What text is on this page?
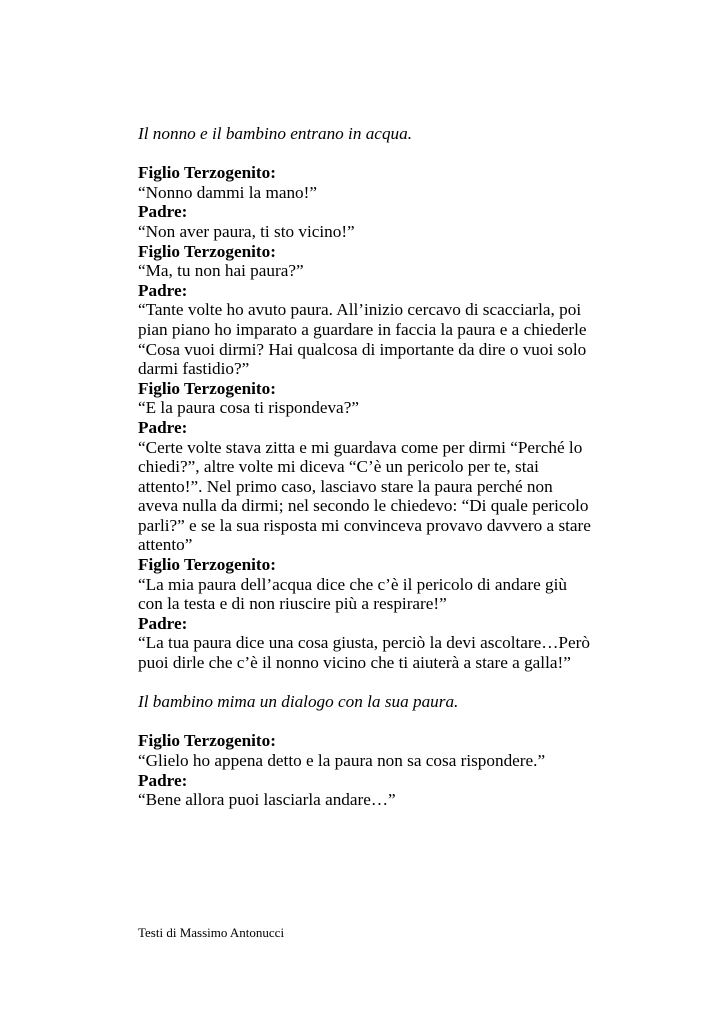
Il nonno e il bambino entrano in acqua.

Figlio Terzogenito:

“Nonno dammi la mano!”

Padre:

“Non aver paura, ti sto vicino!”

Figlio Terzogenito:

“Ma, tu non hai paura?”

Padre:

“Tante volte ho avuto paura. All’inizio cercavo di scacciarla, poi

pian piano ho imparato a guardare in faccia la paura e a chiederle

“Cosa vuoi dirmi? Hai qualcosa di importante da dire o vuoi solo

darmi fastidio?”

Figlio Terzogenito:

“E la paura cosa ti rispondeva?”

Padre:

“Certe volte stava zitta e mi guardava come per dirmi “Perché lo

chiedi?”, altre volte mi diceva “C’è un pericolo per te, stai

attento!”. Nel primo caso, lasciavo stare la paura perché non

aveva nulla da dirmi; nel secondo le chiedevo: “Di quale pericolo

parli?” e se la sua risposta mi convinceva provavo davvero a stare

attento”

Figlio Terzogenito:

“La mia paura dell’acqua dice che c’è il pericolo di andare giù

con la testa e di non riuscire più a respirare!”

Padre:

“La tua paura dice una cosa giusta, perciò la devi ascoltare…Però

puoi dirle che c’è il nonno vicino che ti aiuterà a stare a galla!”

Il bambino mima un dialogo con la sua paura.

Figlio Terzogenito:

“Glielo ho appena detto e la paura non sa cosa rispondere.”

Padre:

“Bene allora puoi lasciarla andare…”

Testi di Massimo Antonucci
